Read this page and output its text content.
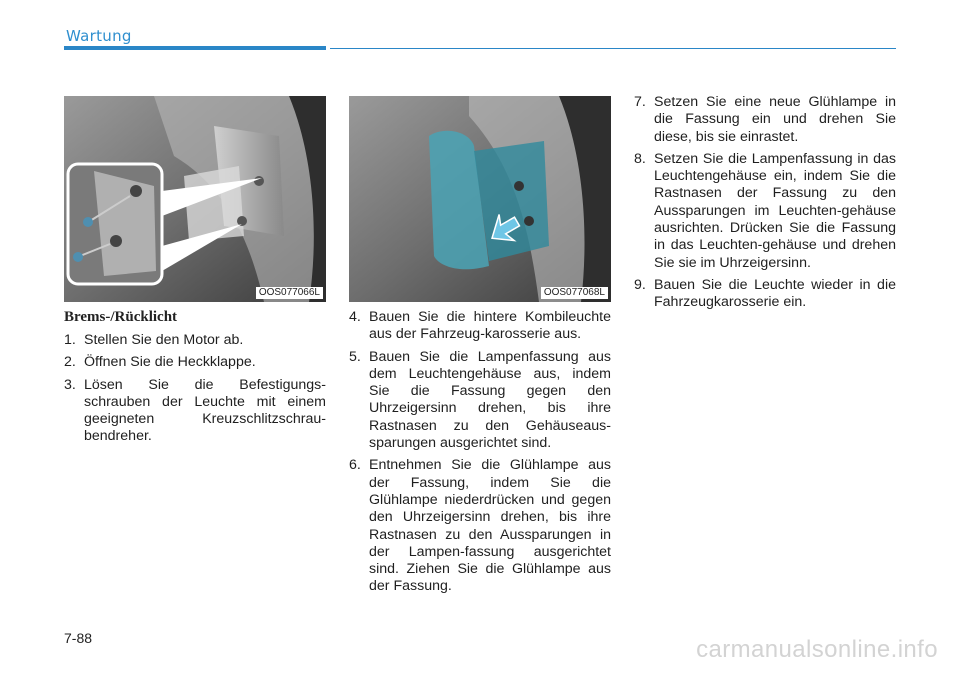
Wartung
OOS077066L	OOS077068L
Brems-/Rücklicht
1. Stellen Sie den Motor ab.
2. Öffnen Sie die Heckklappe.
3. Lösen Sie die Befestigungs-schrauben der Leuchte mit einem geeigneten Kreuzschlitzschrau-bendreher.
4. Bauen Sie die hintere Kombileuchte aus der Fahrzeug-karosserie aus.
5. Bauen Sie die Lampenfassung aus dem Leuchtengehäuse aus, indem Sie die Fassung gegen den Uhrzeigersinn drehen, bis ihre Rastnasen zu den Gehäuseaus-sparungen ausgerichtet sind.
6. Entnehmen Sie die Glühlampe aus der Fassung, indem Sie die Glühlampe niederdrücken und gegen den Uhrzeigersinn drehen, bis ihre Rastnasen zu den Aussparungen in der Lampen-fassung ausgerichtet sind. Ziehen Sie die Glühlampe aus der Fassung.
7. Setzen Sie eine neue Glühlampe in die Fassung ein und drehen Sie diese, bis sie einrastet.
8. Setzen Sie die Lampenfassung in das Leuchtengehäuse ein, indem Sie die Rastnasen der Fassung zu den Aussparungen im Leuchten-gehäuse ausrichten. Drücken Sie die Fassung in das Leuchten-gehäuse und drehen Sie sie im Uhrzeigersinn.
9. Bauen Sie die Leuchte wieder in die Fahrzeugkarosserie ein.
7-88	carmanualsonline.info
